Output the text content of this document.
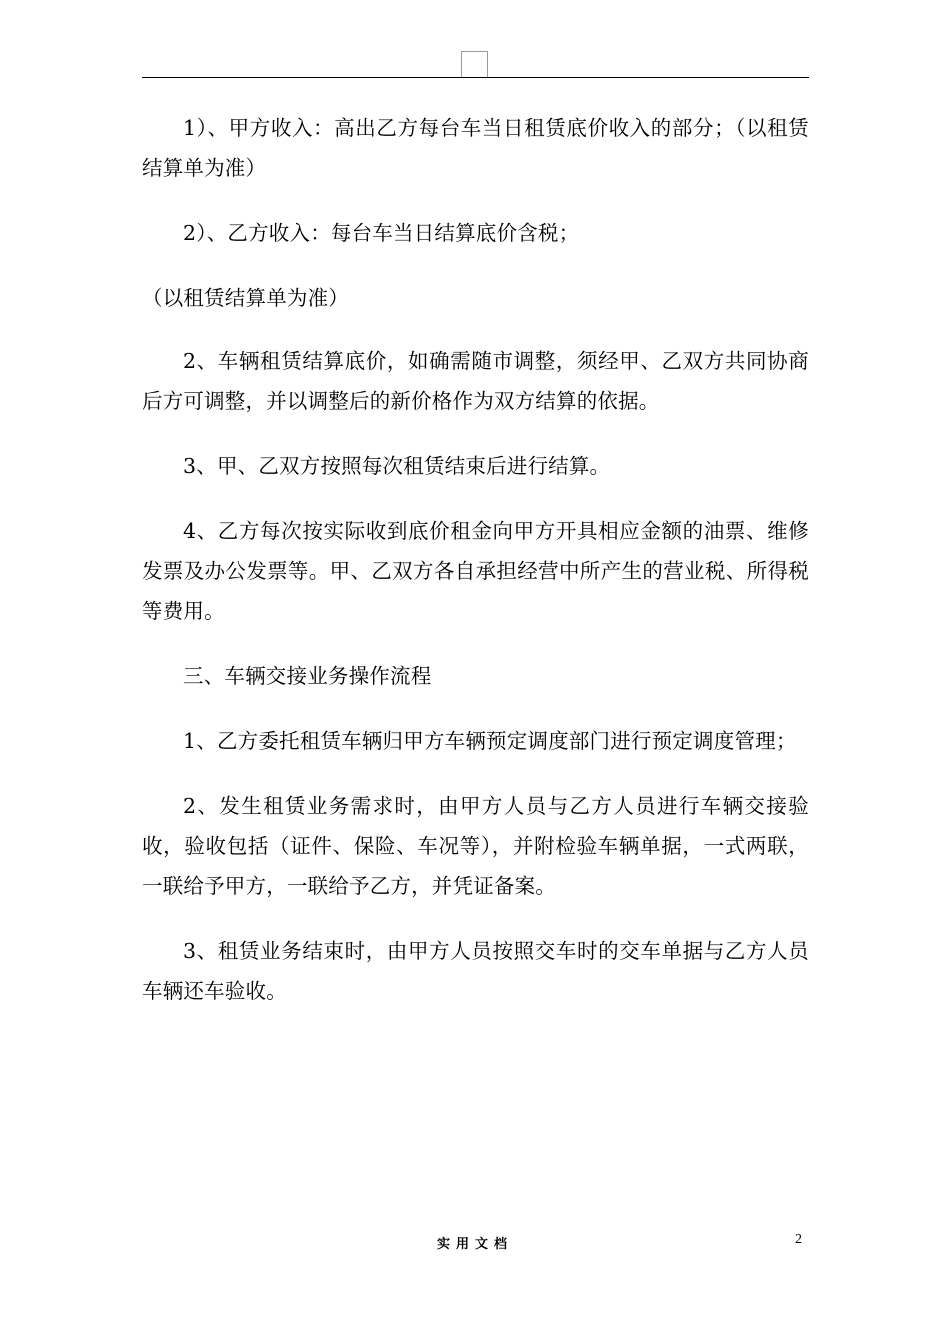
1）、甲方收入：高出乙方每台车当日租赁底价收入的部分；（以租赁结算单为准）

2）、乙方收入：每台车当日结算底价含税；

（以租赁结算单为准）

2、车辆租赁结算底价，如确需随市调整，须经甲、乙双方共同协商后方可调整，并以调整后的新价格作为双方结算的依据。

3、甲、乙双方按照每次租赁结束后进行结算。

4、乙方每次按实际收到底价租金向甲方开具相应金额的油票、维修发票及办公发票等。甲、乙双方各自承担经营中所产生的营业税、所得税等费用。

三、车辆交接业务操作流程

1、乙方委托租赁车辆归甲方车辆预定调度部门进行预定调度管理；

2、发生租赁业务需求时，由甲方人员与乙方人员进行车辆交接验收，验收包括（证件、保险、车况等），并附检验车辆单据，一式两联，一联给予甲方，一联给予乙方，并凭证备案。

3、租赁业务结束时，由甲方人员按照交车时的交车单据与乙方人员车辆还车验收。

实用文档	2
